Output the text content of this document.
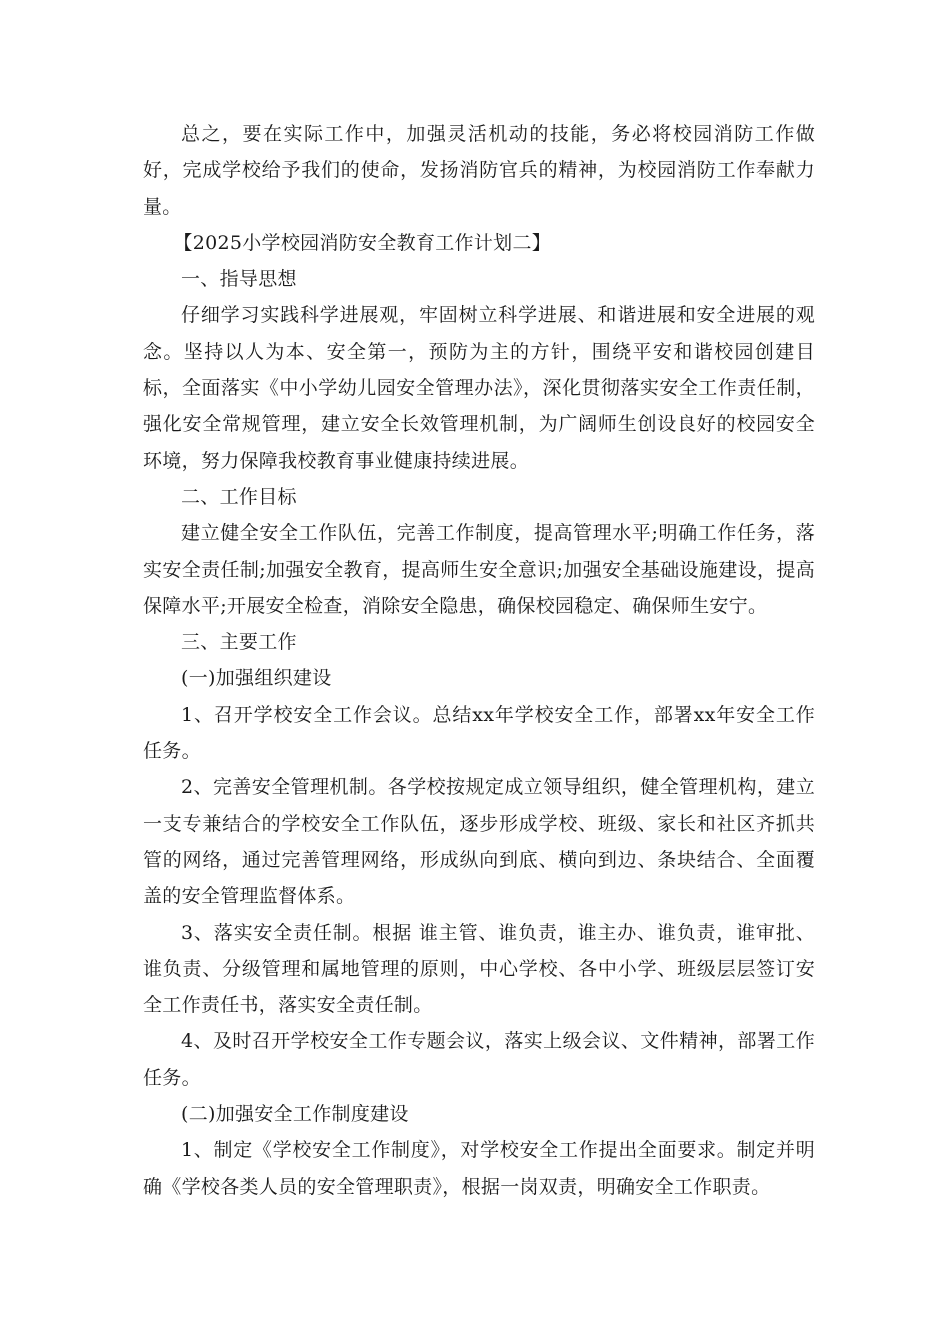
总之，要在实际工作中，加强灵活机动的技能，务必将校园消防工作做好，完成学校给予我们的使命，发扬消防官兵的精神，为校园消防工作奉献力量。

【2025小学校园消防安全教育工作计划二】

一、指导思想

仔细学习实践科学进展观，牢固树立科学进展、和谐进展和安全进展的观念。坚持以人为本、安全第一，预防为主的方针，围绕平安和谐校园创建目标，全面落实《中小学幼儿园安全管理办法》，深化贯彻落实安全工作责任制，强化安全常规管理，建立安全长效管理机制，为广阔师生创设良好的校园安全环境，努力保障我校教育事业健康持续进展。

二、工作目标

建立健全安全工作队伍，完善工作制度，提高管理水平;明确工作任务，落实安全责任制;加强安全教育，提高师生安全意识;加强安全基础设施建设，提高保障水平;开展安全检查，消除安全隐患，确保校园稳定、确保师生安宁。

三、主要工作

(一)加强组织建设

1、召开学校安全工作会议。总结xx年学校安全工作，部署xx年安全工作任务。

2、完善安全管理机制。各学校按规定成立领导组织，健全管理机构，建立一支专兼结合的学校安全工作队伍，逐步形成学校、班级、家长和社区齐抓共管的网络，通过完善管理网络，形成纵向到底、横向到边、条块结合、全面覆盖的安全管理监督体系。

3、落实安全责任制。根据 谁主管、谁负责，谁主办、谁负责，谁审批、谁负责、分级管理和属地管理的原则，中心学校、各中小学、班级层层签订安全工作责任书，落实安全责任制。

4、及时召开学校安全工作专题会议，落实上级会议、文件精神，部署工作任务。

(二)加强安全工作制度建设

1、制定《学校安全工作制度》，对学校安全工作提出全面要求。制定并明确《学校各类人员的安全管理职责》，根据一岗双责，明确安全工作职责。
